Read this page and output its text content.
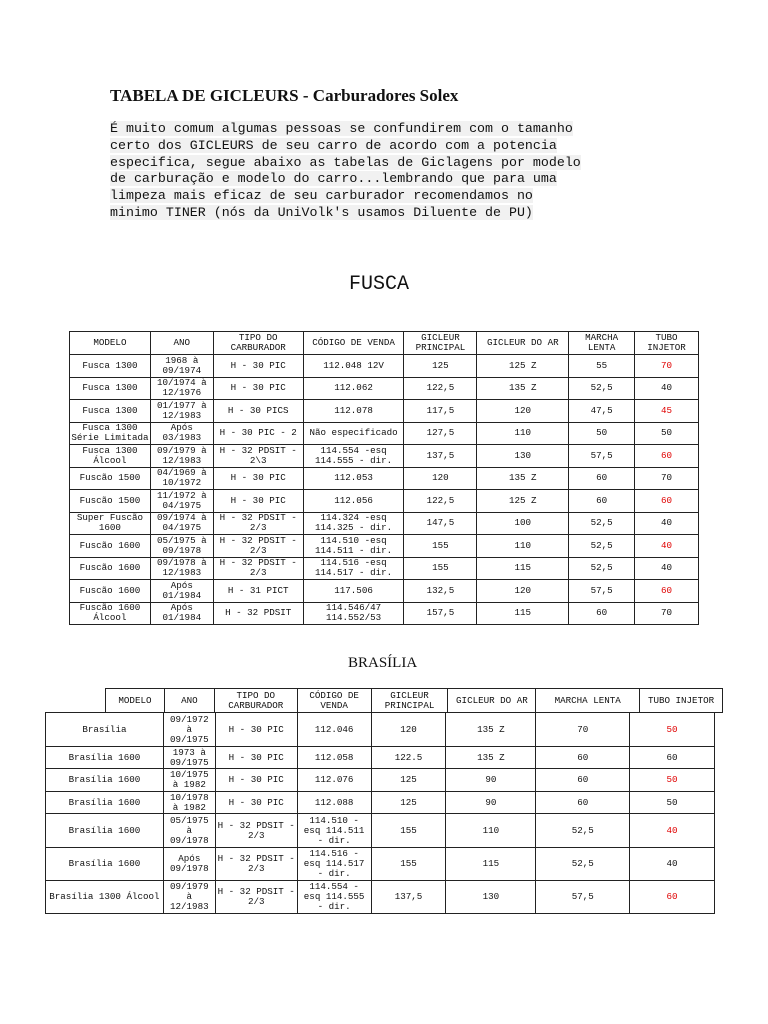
TABELA DE GICLEURS - Carburadores Solex

É muito comum algumas pessoas se confundirem com o tamanho
certo dos GICLEURS de seu carro de acordo com a potencia
especifica, segue abaixo as tabelas de Giclagens por modelo
de carburação e modelo do carro...lembrando que para uma
limpeza mais eficaz de seu carburador recomendamos no
minimo TINER (nós da UniVolk's usamos Diluente de PU)

FUSCA
MODELO	ANO	TIPO DO CARBURADOR	CÓDIGO DE VENDA	GICLEUR PRINCIPAL	GICLEUR DO AR	MARCHA LENTA	TUBO INJETOR
Fusca 1300	1968 à 09/1974	H - 30 PIC	112.048 12V	125	125 Z	55	70
Fusca 1300	10/1974 à 12/1976	H - 30 PIC	112.062	122,5	135 Z	52,5	40
Fusca 1300	01/1977 à 12/1983	H - 30 PICS	112.078	117,5	120	47,5	45
Fusca 1300 Série Limitada	Após 03/1983	H - 30 PIC - 2	Não especificado	127,5	110	50	50
Fusca 1300 Álcool	09/1979 à 12/1983	H - 32 PDSIT - 2\3	114.554 -esq 114.555 - dir.	137,5	130	57,5	60
Fuscão 1500	04/1969 à 10/1972	H - 30 PIC	112.053	120	135 Z	60	70
Fuscão 1500	11/1972 à 04/1975	H - 30 PIC	112.056	122,5	125 Z	60	60
Super Fuscão 1600	09/1974 à 04/1975	H - 32 PDSIT - 2/3	114.324 -esq 114.325 - dir.	147,5	100	52,5	40
Fuscão 1600	05/1975 à 09/1978	H - 32 PDSIT - 2/3	114.510 -esq 114.511 - dir.	155	110	52,5	40
Fuscão 1600	09/1978 à 12/1983	H - 32 PDSIT - 2/3	114.516 -esq 114.517 - dir.	155	115	52,5	40
Fuscão 1600	Após 01/1984	H - 31 PICT	117.506	132,5	120	57,5	60
Fuscão 1600 Álcool	Após 01/1984	H - 32 PDSIT	114.546/47 114.552/53	157,5	115	60	70
BRASÍLIA
MODELO	ANO	TIPO DO CARBURADOR	CÓDIGO DE VENDA	GICLEUR PRINCIPAL	GICLEUR DO AR	MARCHA LENTA	TUBO INJETOR
Brasília	09/1972 à 09/1975	H - 30 PIC	112.046	120	135 Z	70	50
Brasília 1600	1973 à 09/1975	H - 30 PIC	112.058	122.5	135 Z	60	60
Brasília 1600	10/1975 à 1982	H - 30 PIC	112.076	125	90	60	50
Brasília 1600	10/1978 à 1982	H - 30 PIC	112.088	125	90	60	50
Brasília 1600	05/1975 à 09/1978	H - 32 PDSIT - 2/3	114.510 - esq 114.511 - dir.	155	110	52,5	40
Brasília 1600	Após 09/1978	H - 32 PDSIT - 2/3	114.516 - esq 114.517 - dir.	155	115	52,5	40
Brasília 1300 Álcool	09/1979 à 12/1983	H - 32 PDSIT - 2/3	114.554 - esq 114.555 - dir.	137,5	130	57,5	60
